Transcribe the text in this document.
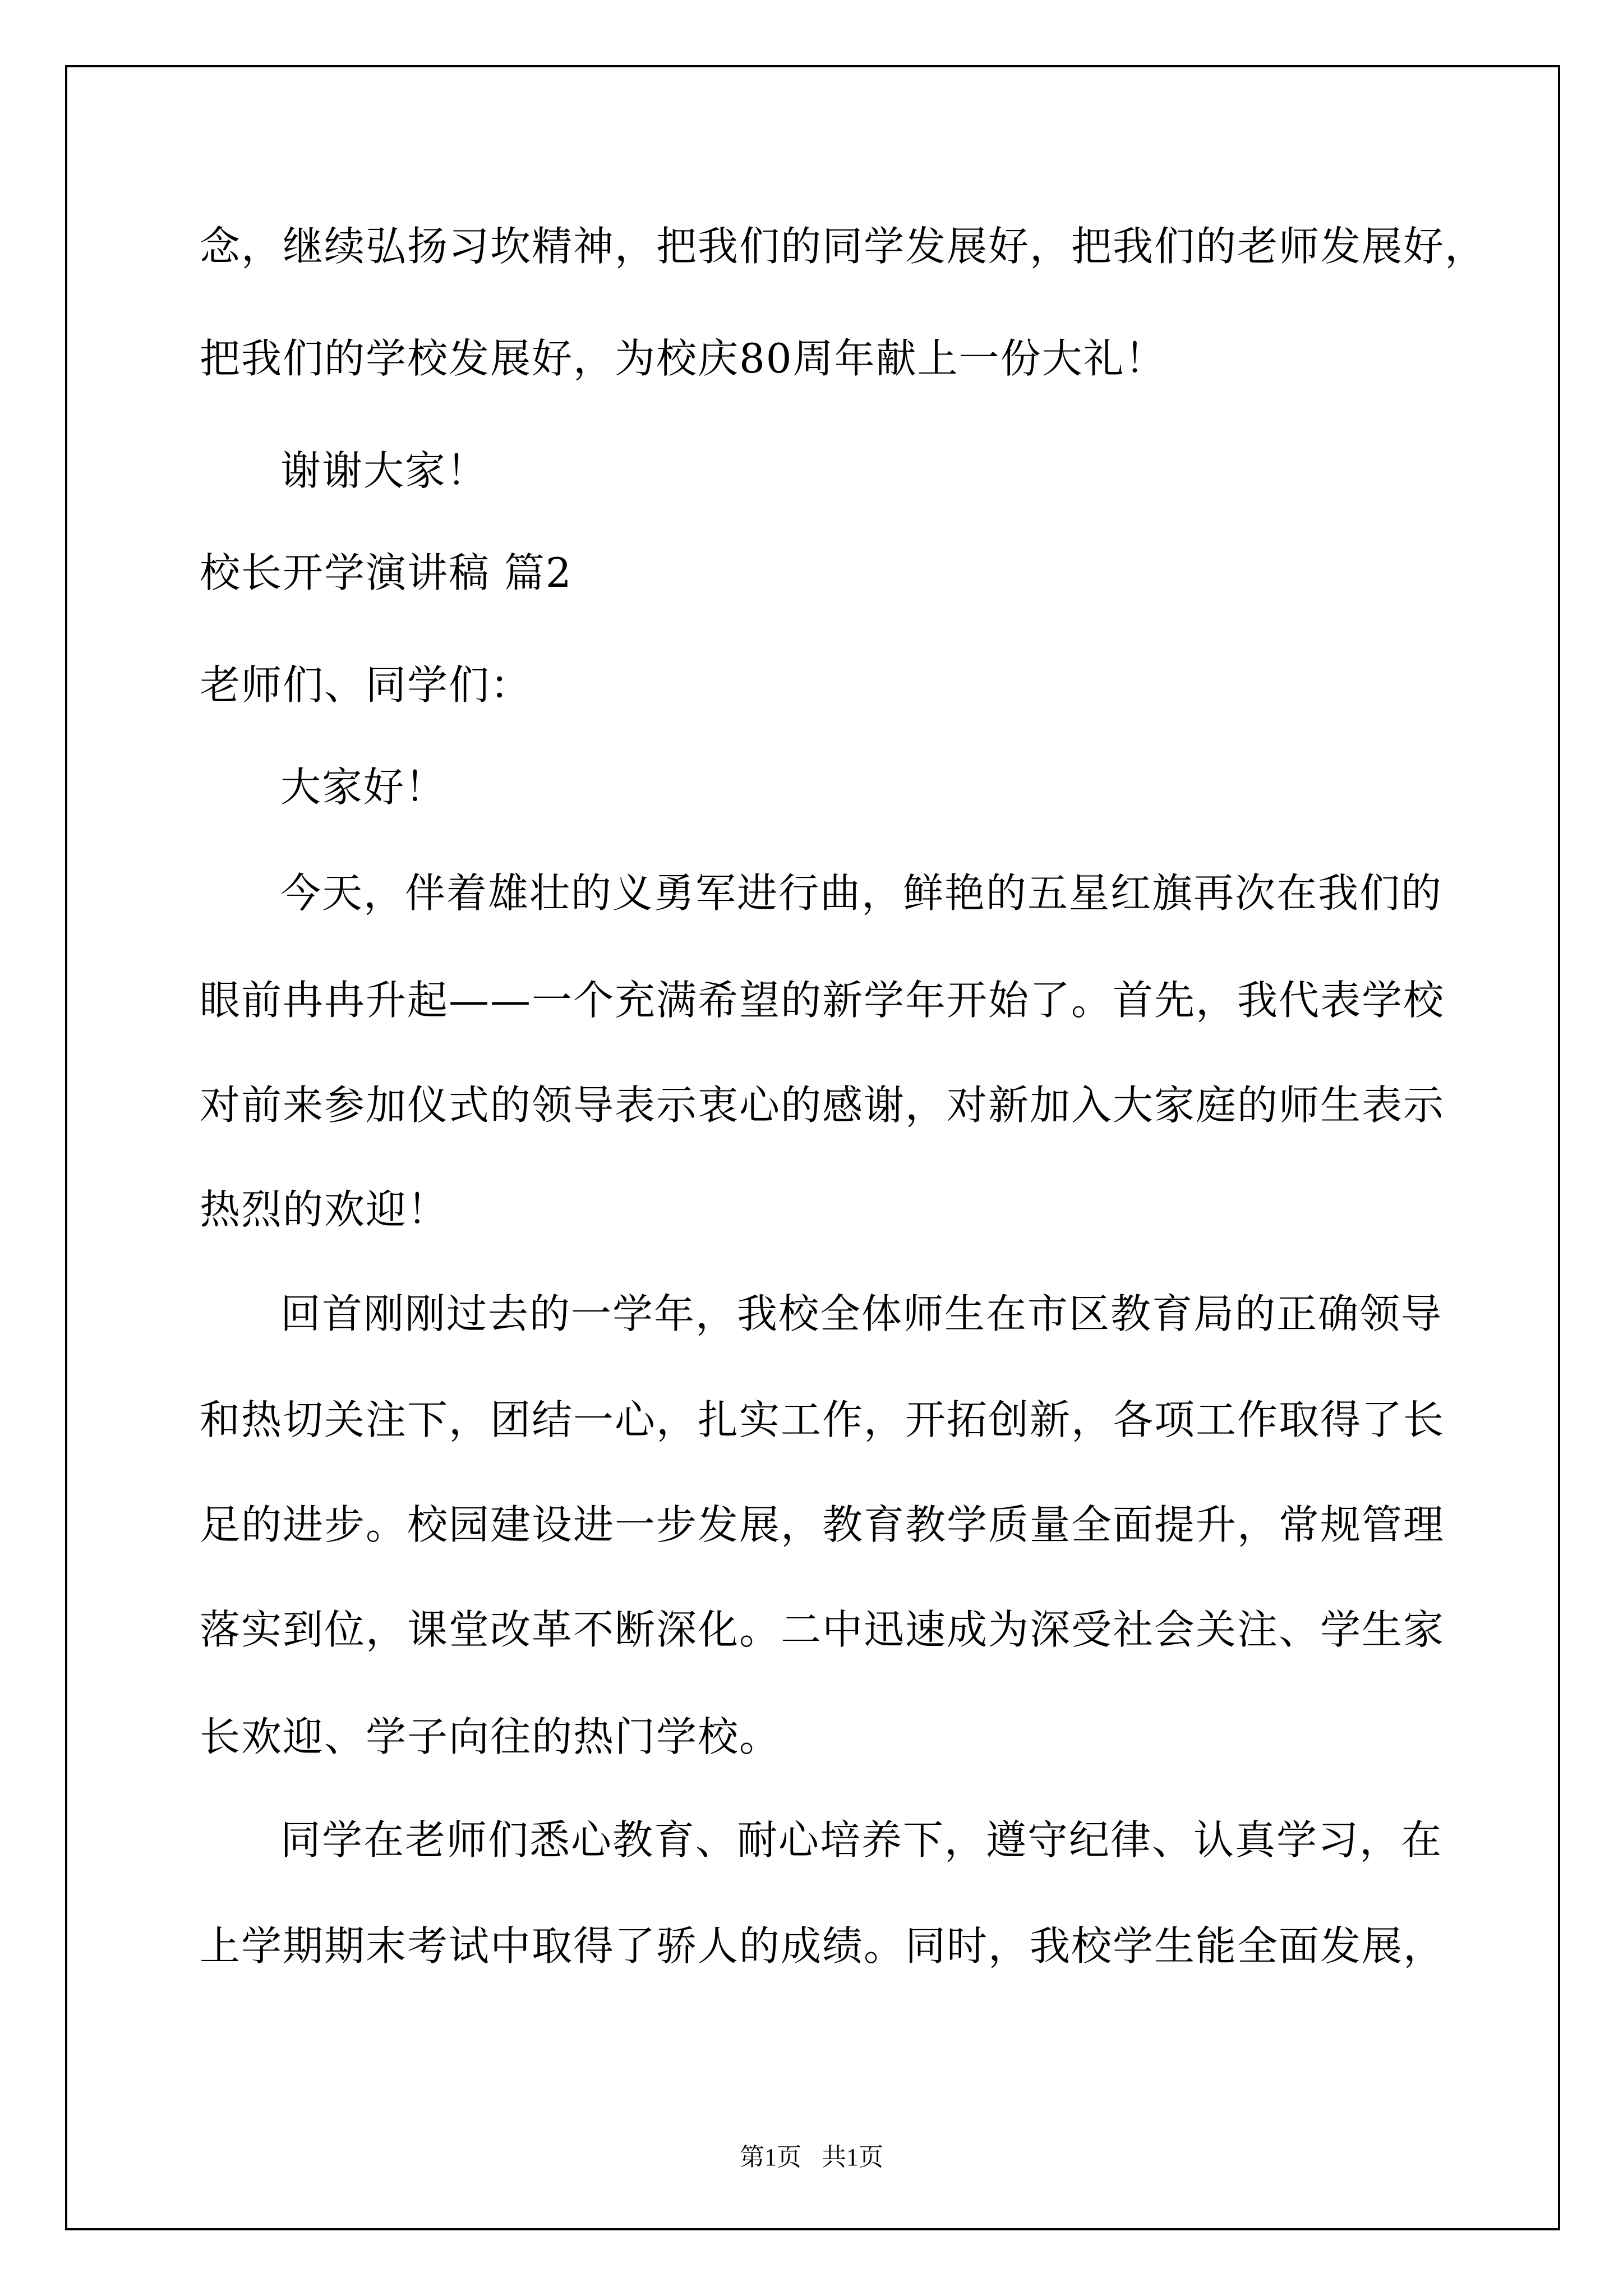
念，继续弘扬习坎精神，把我们的同学发展好，把我们的老师发展好，
把我们的学校发展好，为校庆80周年献上一份大礼！
谢谢大家！
校长开学演讲稿 篇2
老师们、同学们：
大家好！
今天，伴着雄壮的义勇军进行曲，鲜艳的五星红旗再次在我们的
眼前冉冉升起——一个充满希望的新学年开始了。首先，我代表学校
对前来参加仪式的领导表示衷心的感谢，对新加入大家庭的师生表示
热烈的欢迎！
回首刚刚过去的一学年，我校全体师生在市区教育局的正确领导
和热切关注下，团结一心，扎实工作，开拓创新，各项工作取得了长
足的进步。校园建设进一步发展，教育教学质量全面提升，常规管理
落实到位，课堂改革不断深化。二中迅速成为深受社会关注、学生家
长欢迎、学子向往的热门学校。
同学在老师们悉心教育、耐心培养下，遵守纪律、认真学习，在
上学期期末考试中取得了骄人的成绩。同时，我校学生能全面发展，
第1页 共1页
